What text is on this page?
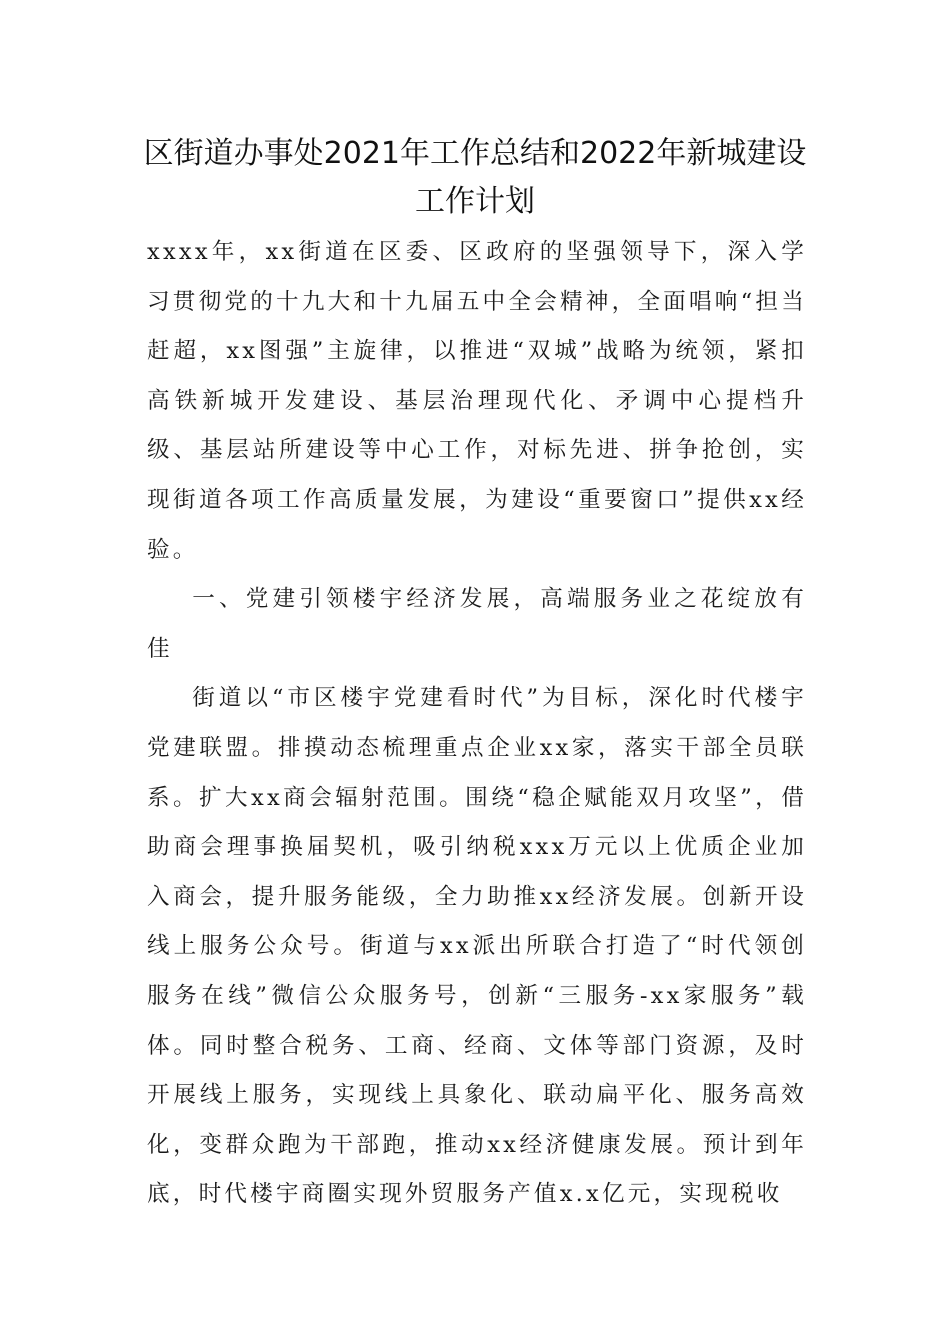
区街道办事处2021年工作总结和2022年新城建设
工作计划

xxxx年，xx街道在区委、区政府的坚强领导下，深入学习贯彻党的十九大和十九届五中全会精神，全面唱响“担当赶超，xx图强”主旋律，以推进“双城”战略为统领，紧扣高铁新城开发建设、基层治理现代化、矛调中心提档升级、基层站所建设等中心工作，对标先进、拼争抢创，实现街道各项工作高质量发展，为建设“重要窗口”提供xx经验。

一、党建引领楼宇经济发展，高端服务业之花绽放有佳

街道以“市区楼宇党建看时代”为目标，深化时代楼宇党建联盟。排摸动态梳理重点企业xx家，落实干部全员联系。扩大xx商会辐射范围。围绕“稳企赋能双月攻坚”，借助商会理事换届契机，吸引纳税xxx万元以上优质企业加入商会，提升服务能级，全力助推xx经济发展。创新开设线上服务公众号。街道与xx派出所联合打造了“时代领创服务在线”微信公众服务号，创新“三服务-xx家服务”载体。同时整合税务、工商、经商、文体等部门资源，及时开展线上服务，实现线上具象化、联动扁平化、服务高效化，变群众跑为干部跑，推动xx经济健康发展。预计到年底，时代楼宇商圈实现外贸服务产值x.x亿元，实现税收
